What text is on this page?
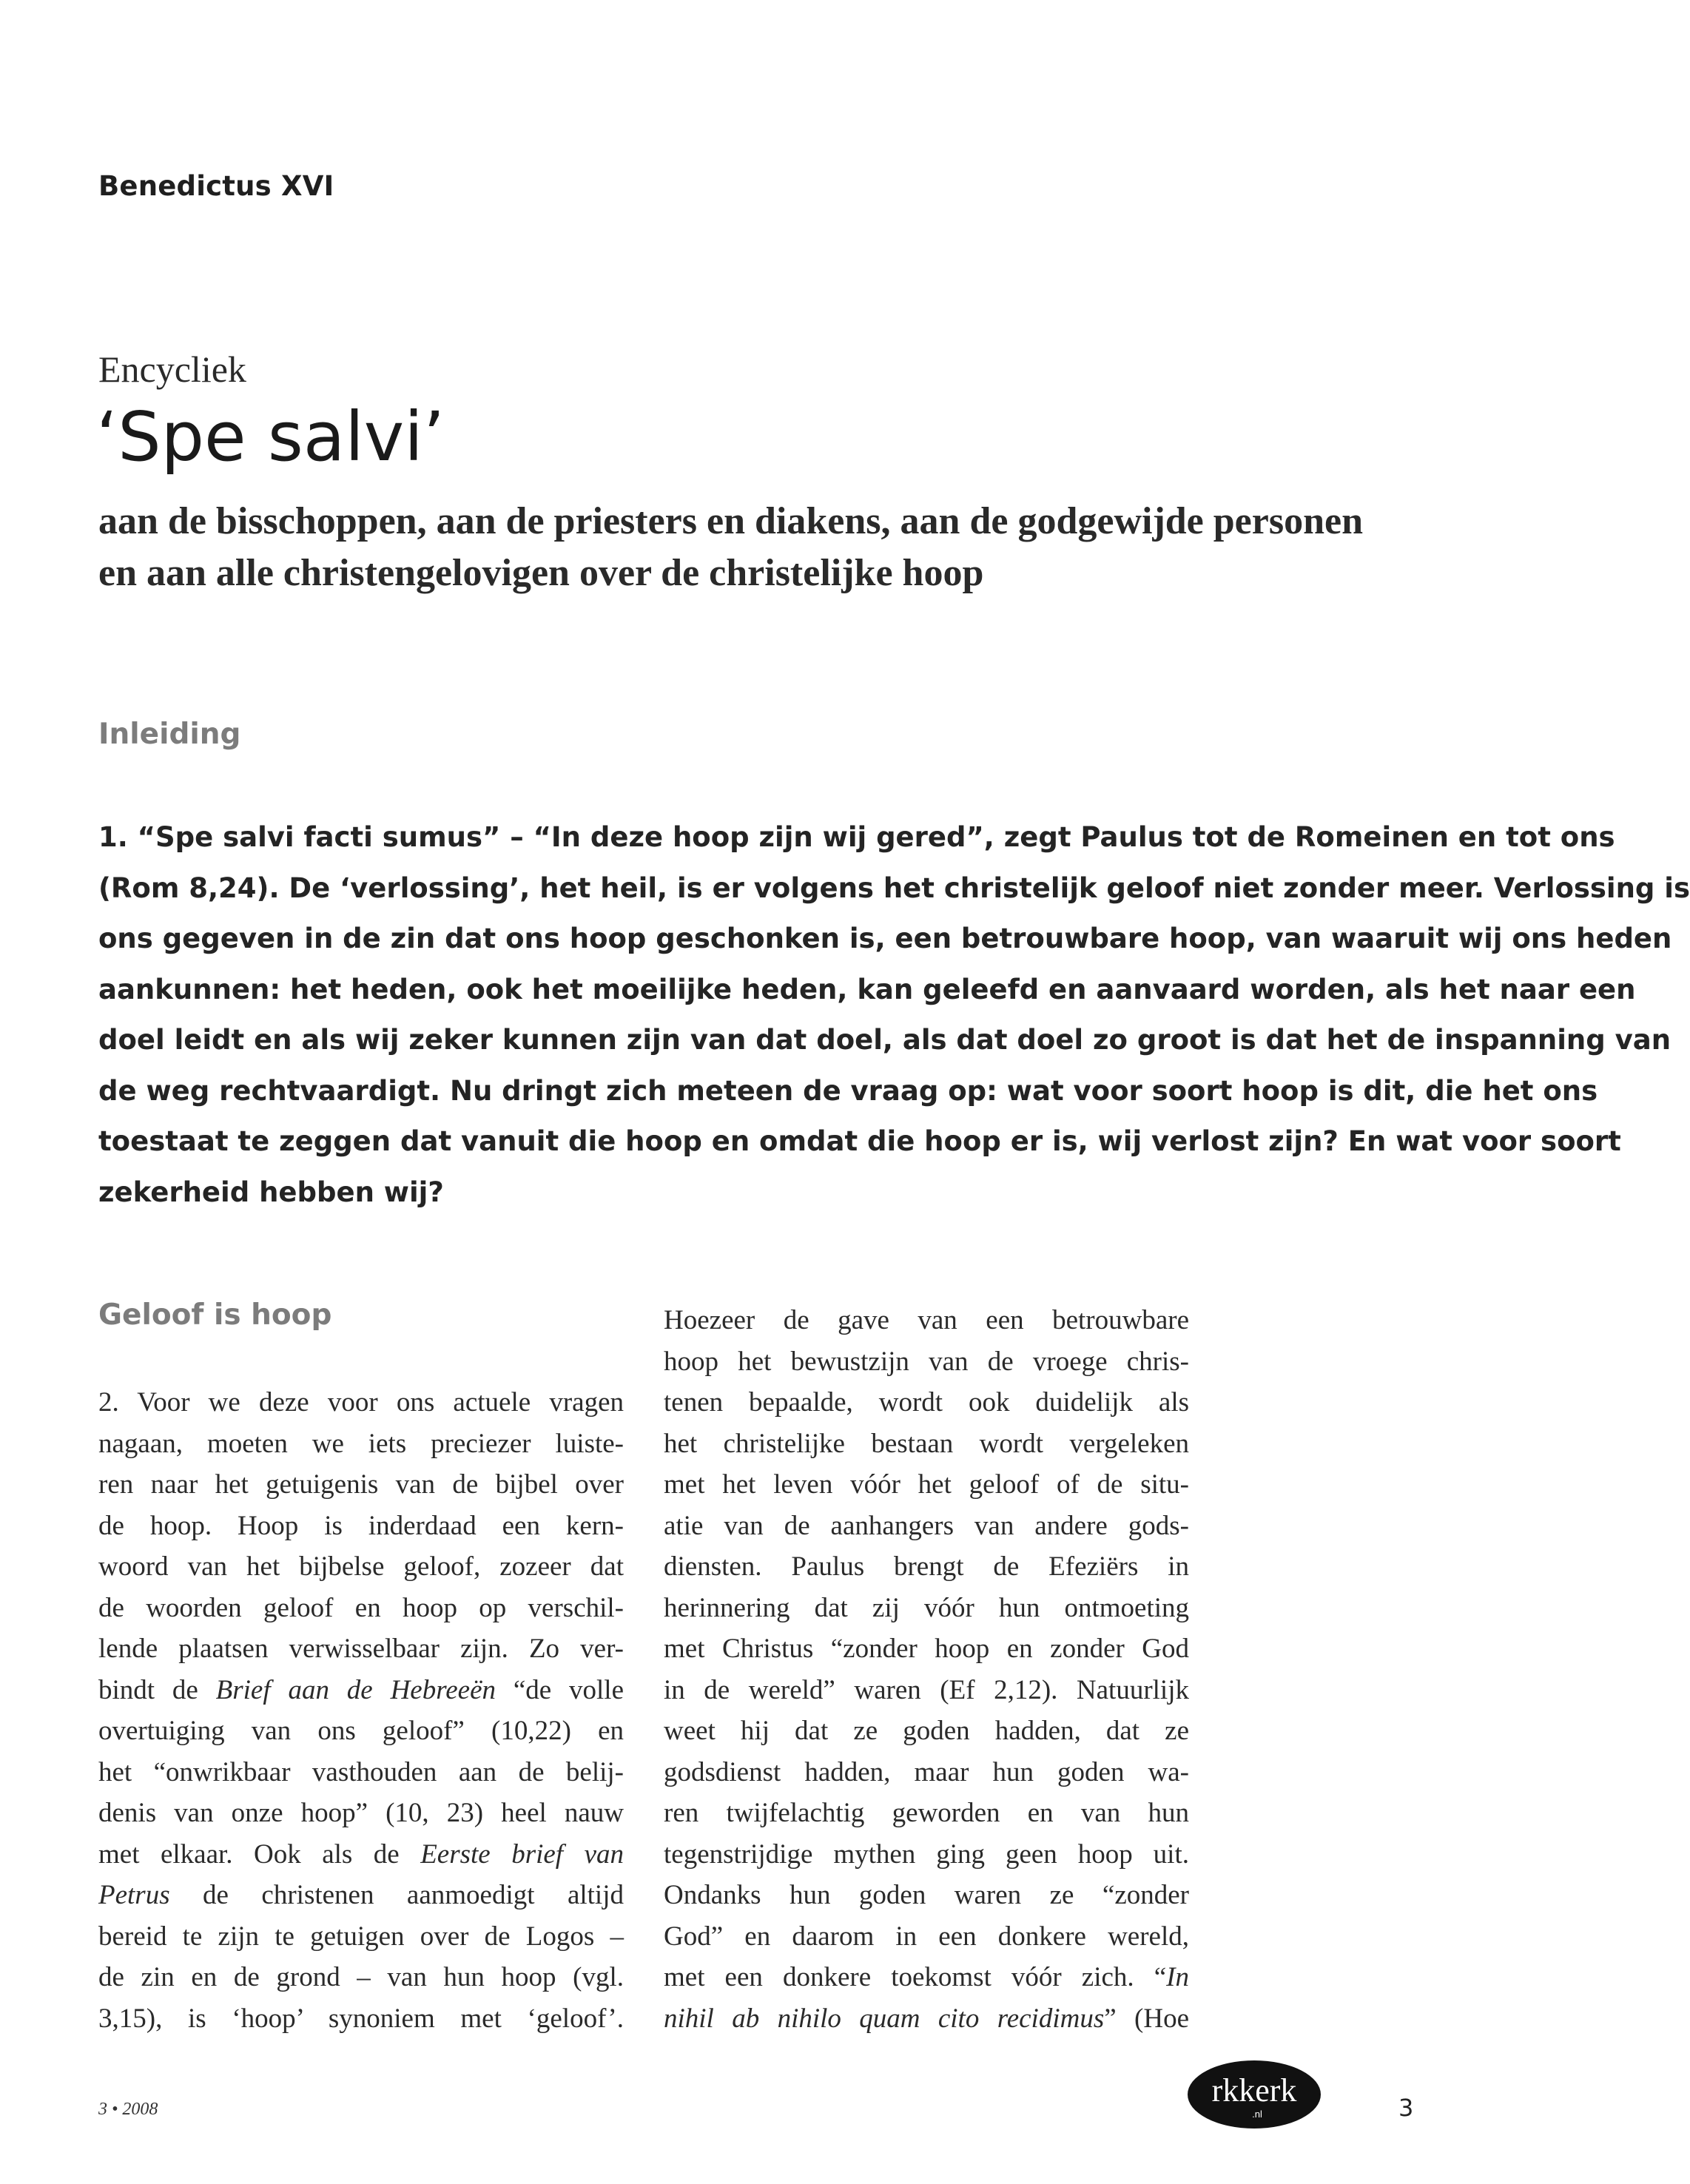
Benedictus XVI
Encycliek
‘Spe salvi’
aan de bisschoppen, aan de priesters en diakens, aan de godgewijde personen
en aan alle christengelovigen over de christelijke hoop
Inleiding
1. “Spe salvi facti sumus” – “In deze hoop zijn wij gered”, zegt Paulus tot de Romeinen en tot ons
(Rom 8,24). De ‘verlossing’, het heil, is er volgens het christelijk geloof niet zonder meer. Verlossing is
ons gegeven in de zin dat ons hoop geschonken is, een betrouwbare hoop, van waaruit wij ons heden
aankunnen: het heden, ook het moeilijke heden, kan geleefd en aanvaard worden, als het naar een
doel leidt en als wij zeker kunnen zijn van dat doel, als dat doel zo groot is dat het de inspanning van
de weg rechtvaardigt. Nu dringt zich meteen de vraag op: wat voor soort hoop is dit, die het ons
toestaat te zeggen dat vanuit die hoop en omdat die hoop er is, wij verlost zijn? En wat voor soort
zekerheid hebben wij?
Geloof is hoop
2. Voor we deze voor ons actuele vragen
nagaan, moeten we iets preciezer luiste-
ren naar het getuigenis van de bijbel over
de hoop. Hoop is inderdaad een kern-
woord van het bijbelse geloof, zozeer dat
de woorden geloof en hoop op verschil-
lende plaatsen verwisselbaar zijn. Zo ver-
bindt de Brief aan de Hebreeën “de volle
overtuiging van ons geloof” (10,22) en
het “onwrikbaar vasthouden aan de belij-
denis van onze hoop” (10, 23) heel nauw
met elkaar. Ook als de Eerste brief van
Petrus de christenen aanmoedigt altijd
bereid te zijn te getuigen over de Logos –
de zin en de grond – van hun hoop (vgl.
3,15), is ‘hoop’ synoniem met ‘geloof’.
Hoezeer de gave van een betrouwbare
hoop het bewustzijn van de vroege chris-
tenen bepaalde, wordt ook duidelijk als
het christelijke bestaan wordt vergeleken
met het leven vóór het geloof of de situ-
atie van de aanhangers van andere gods-
diensten. Paulus brengt de Efeziërs in
herinnering dat zij vóór hun ontmoeting
met Christus “zonder hoop en zonder God
in de wereld” waren (Ef 2,12). Natuurlijk
weet hij dat ze goden hadden, dat ze
godsdienst hadden, maar hun goden wa-
ren twijfelachtig geworden en van hun
tegenstrijdige mythen ging geen hoop uit.
Ondanks hun goden waren ze “zonder
God” en daarom in een donkere wereld,
met een donkere toekomst vóór zich. “In
nihil ab nihilo quam cito recidimus” (Hoe
3 • 2008
rkkerk
.nl	3
